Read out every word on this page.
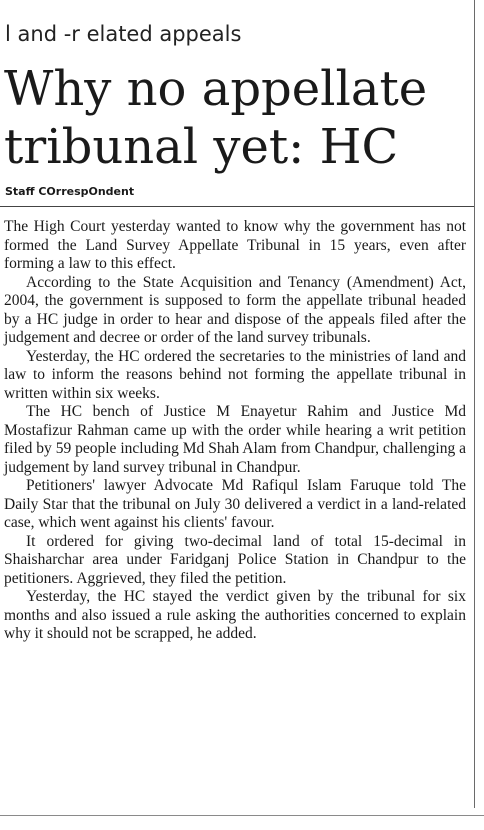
l and -r elated appeals
Why no appellate
tribunal yet: HC
Staff COrrespOndent

The High Court yesterday wanted to know why the government has not formed the Land Survey Appellate Tribunal in 15 years, even after forming a law to this effect.

According to the State Acquisition and Tenancy (Amendment) Act, 2004, the government is supposed to form the appellate tribunal headed by a HC judge in order to hear and dispose of the appeals filed after the judgement and decree or order of the land survey tribunals.

Yesterday, the HC ordered the secretaries to the ministries of land and law to inform the reasons behind not forming the appellate tribunal in written within six weeks.

The HC bench of Justice M Enayetur Rahim and Justice Md Mostafizur Rahman came up with the order while hearing a writ petition filed by 59 people including Md Shah Alam from Chandpur, challenging a judgement by land survey tribunal in Chandpur.

Petitioners' lawyer Advocate Md Rafiqul Islam Faruque told The Daily Star that the tribunal on July 30 delivered a verdict in a land-related case, which went against his clients' favour.

It ordered for giving two-decimal land of total 15-decimal in Shaisharchar area under Faridganj Police Station in Chandpur to the petitioners. Aggrieved, they filed the petition.

Yesterday, the HC stayed the verdict given by the tribunal for six months and also issued a rule asking the authorities concerned to explain why it should not be scrapped, he added.
